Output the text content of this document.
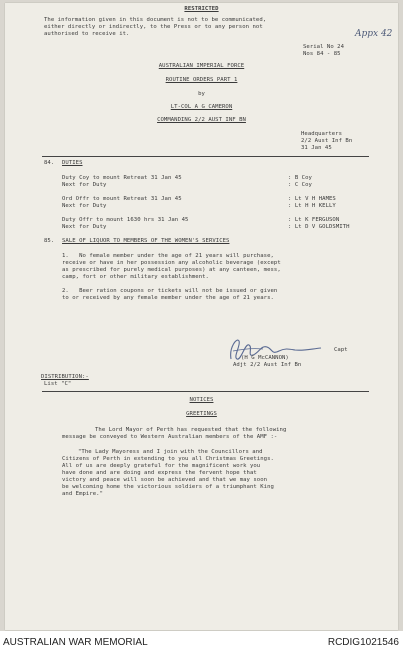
RESTRICTED
The information given in this document is not to be communicated,
either directly or indirectly, to the Press or to any person not
authorised to receive it.	Appx 42
Serial No 24
Nos 84 - 85
AUSTRALIAN IMPERIAL FORCE
ROUTINE ORDERS PART 1
by
LT-COL A G CAMERON
COMMANDING 2/2 AUST INF BN
Headquarters
2/2 Aust Inf Bn
31 Jan 45
84. DUTIES
Duty Coy to mount Retreat 31 Jan 45	: B Coy
Next for Duty	: C Coy
Ord Offr to mount Retreat 31 Jan 45	: Lt V H HAMES
Next for Duty	: Lt H H KELLY
Duty Offr to mount 1630 hrs 31 Jan 45	: Lt K FERGUSON
Next for Duty	: Lt D V GOLDSMITH
85. SALE OF LIQUOR TO MEMBERS OF THE WOMEN'S SERVICES
1.   No female member under the age of 21 years will purchase,
receive or have in her possession any alcoholic beverage (except
as prescribed for purely medical purposes) at any canteen, mess,
camp, fort or other military establishment.
2.   Beer ration coupons or tickets will not be issued or given
to or received by any female member under the age of 21 years.
Capt
(H G McCANNON)
Adjt 2/2 Aust Inf Bn
DISTRIBUTION:-
List "C"
NOTICES
GREETINGS
The Lord Mayor of Perth has requested that the following
message be conveyed to Western Australian members of the AMF :-
"The Lady Mayoress and I join with the Councillors and
Citizens of Perth in extending to you all Christmas Greetings.
All of us are deeply grateful for the magnificent work you
have done and are doing and express the fervent hope that
victory and peace will soon be achieved and that we may soon
be welcoming home the victorious soldiers of a triumphant King
and Empire."
AUSTRALIAN WAR MEMORIAL	RCDIG1021546
